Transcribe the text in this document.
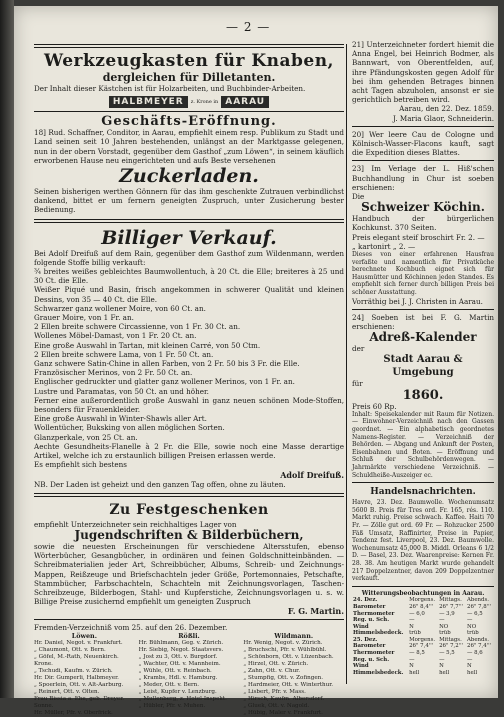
— 2 —
Werkzeugkasten für Knaben,
dergleichen für Dilletanten.
Der Inhalt dieser Kästchen ist für Holzarbeiten, und Buchbinder-Arbeiten.
HALBMEYER	z. Krone in AARAU
Geschäfts-Eröffnung.

18] Rud. Schaffner, Conditor, in Aarau, empfiehlt einem resp. Publikum zu Stadt und Land seinen seit 10 Jahren bestehenden, unlängst an der Marktgasse gelegenen, nun in der obern Vorstadt, gegenüber dem Gasthof „zum Löwen“, in seinem käuflich erworbenen Hause neu eingerichteten und aufs Beste versehenen

Zuckerladen.

Seinen bisherigen werthen Gönnern für das ihm geschenkte Zutrauen verbindlichst dankend, bittet er um fernern geneigten Zuspruch, unter Zusicherung bester Bedienung.

Billiger Verkauf.

Bei Adolf Dreifuß auf dem Rain, gegenüber dem Gasthof zum Wildenmann, werden folgende Stoffe billig verkauft:

¾ breites weißes gebleichtes Baumwollentuch, à 20 Ct. die Elle; breiteres à 25 und 30 Ct. die Elle.

Weißer Piqué und Basin, frisch angekommen in schwerer Qualität und kleinen Dessins, von 35 — 40 Ct. die Elle.

Schwarzer ganz wollener Moire, von 60 Ct. an.

Grauer Moire, von 1 Fr. an.

2 Ellen breite schwere Circassienne, von 1 Fr. 30 Ct. an.

Wollenes Möbel-Damast, von 1 Fr. 20 Ct. an.

Eine große Auswahl in Tartan, mit kleinen Carré, von 50 Ctm.

2 Ellen breite schwere Lama, von 1 Fr. 50 Ct. an.

Ganz schwere Satin-Chine in allen Farben, von 2 Fr. 50 bis 3 Fr. die Elle.

Französischer Merinos, von 2 Fr. 50 Ct. an.

Englischer gedruckter und glatter ganz wollener Merinos, von 1 Fr. an.

Lustre und Paramatas, von 50 Ct. an und höher.

Ferner eine außerordentlich große Auswahl in ganz neuen schönen Mode-Stoffen, besonders für Frauenkleider.

Eine große Auswahl in Winter-Shawls aller Art.

Wollentücher, Buksking von allen möglichen Sorten.

Glanzperkale, von 25 Ct. an.

Aechte Gesundheits-Flanelle à 2 Fr. die Elle, sowie noch eine Masse derartige Artikel, welche ich zu erstaunlich billigen Preisen erlassen werde.

Es empfiehlt sich bestens

Adolf Dreifuß.
NB. Der Laden ist geheizt und den ganzen Tag offen, ohne zu läuten.
Zu Festgeschenken
empfiehlt Unterzeichneter sein reichhaltiges Lager von
Jugendschriften & Bilderbüchern,

sowie die neuesten Erscheinungen für verschiedene Altersstufen, ebenso Wörterbücher, Gesangbücher, in ordinären und feinen Goldschnitteinbänden. — Schreibmaterialien jeder Art, Schreibbücher, Albums, Schreib- und Zeichnungs-Mappen, Reißzeuge und Briefschachteln jeder Größe, Portemonnaies, Petschafte, Stammbücher, Farbschachteln, Schachteln mit Zeichnungsvorlagen, Taschen-Schreibzeuge, Bilderbogen, Stahl- und Kupferstiche, Zeichnungsvorlagen u. s. w. Billige Preise zusichernd empfiehlt um geneigten Zuspruch

F. G. Martin.
Fremden-Verzeichniß vom 25. auf den 26. Dezember.
Löwen.
Hr. Daniel, Negot. v. Frankfurt.
„ Chaumont, Ott. v. Bern.
„ Göfel, M.-Rath, Neuenkirch.
Krone.
„ Tschudi, Kaufm. v. Zürich.
Hr. Dir. Gumperli, Halbmeyer.
„ Spoerlein, Ott. v. Alt-Aarburg.
„ Reinert, Ott. v. Olten.
Frau Bissia a. Ehe, geb. Dreyer.
Sonne.
Hr. Müller, Pfr. v. Oberfrick.
Rößli.
Hr. Bühlmann, Geg. v. Zürich.
Hr. Siebig, Negot. Staatsvers.
„ Jost zu 3, Ott. v. Burgdorf.
„ Wachter, Ott. v. Mannheim.
„ Wühle, Ott. v. Reinbach.
„ Krambs, Hdl. v. Hamburg.
„ Meder, Ott. v. Bern.
„ Leist, Kupfer v. Lenzburg.
„ Mullenberg, z. Hotel-Inspekt.
„ Hübler, Pfr. v. Muhen.
Wildmann.
Hr. Wenig, Negot. v. Zürich.
„ Bruchschi, Pfr. v. Wühlbühl.
„ Schönborn, Ott. v. Lüzenbach.
„ Hirzel, Ott. v. Zürich.
„ Zahn, Ott. v. Chur.
„ Stumpfig, Ott. v. Zofingen.
„ Hardmeier, Ott. v. Winterthur.
„ Lisbert, Pfr. v. Mass.
„ Hirsch, Kaufm. Albersdorf.
„ Gluek, Ott. v. Nagold.
„ Hübig, Maler v. Frankfurt.

21] Unterzeichneter fordert hiemit die Anna Engel, bei Heinrich Bodmer, als Bannwart, von Oberentfelden, auf, ihre Pfändungskosten gegen Adolf für bei ihm gehenden Betrages binnen acht Tagen abzuholen, ansonst er sie gerichtlich betreiben wird.

Aarau, den 22. Dez. 1859.
J. Maria Glaor, Schneiderin.

20] Wer leere Cau de Cologne und Kölnisch-Wasser-Flacons kauft, sagt die Expedition dieses Blattes.

23] Im Verlage der L. Hiß'schen Buchhandlung in Chur ist soeben erschienen:

Die
Schweizer Köchin.
Handbuch der bürgerlichen Kochkunst. 370 Seiten.
Preis elegant steif broschirt Fr. 2. —
„ kartonirt „ 2. —

Dieses von einer erfahrenen Hausfrau verfaßte und namentlich für Privatküche berechnete Kochbuch eignet sich für Hausmütter und Köchinnen jeden Standes. Es empfiehlt sich ferner durch billigen Preis bei schöner Ausstattung.

Vorräthig bei J. J. Christen in Aarau.

24] Soeben ist bei F. G. Martin erschienen:

Adreß-Kalender
der
Stadt Aarau & Umgebung
für
1860.
Preis 60 Rp.

Inhalt: Speisekalender mit Raum für Notizen. — Einwohner-Verzeichniß nach den Gassen geordnet. — Ein alphabetisch geordnetes Namens-Register. — Verzeichniß der Behörden. — Abgang und Ankunft der Posten, Eisenbahnen und Boten. — Eröffnung und Schluß der Schulbehördenwegen. — Jahrmärkte verschiedene Verzeichniß. — Schuldheiße-Auszeiger ec.

Handelsnachrichten.

Havre, 23. Dez. Baumwolle. Wochenumsatz 5600 B. Preis für Tres ord. Fr. 165, rés. 110. Markt ruhig. Preise schwach. Kaffee. Haiti 70 Fr. — Zölle gut ord. 69 Fr. — Rohzucker 2500 Fäß Umsatz, Raffinirter, Preise in Papier, Tendenz fest. Liverpool, 23. Dez. Baumwolle. Wochenumsatz 45,000 B. Middl. Orleans 6 1/2 D. — Basel, 23. Dez. Waarenpreise: Kernen Fr. 28. 38. Am heutigen Markt wurde gehandelt 217 Doppelzentner, davon 209 Doppelzentner verkauft.

Witterungsbeobachtungen in Aarau.
24. Dez.	Morgens.	Mittags.	Abends.
Barometer	26" 8,4'''	26" 7,7'''	26" 7,8'''
Thermometer	— 6,0	— 3,9	— 6,5
Reg. u. Sch.	—	—	—
Wind	N	NO	NO
Himmelsbedeck.	trüb	trüb	trüb
25. Dez.	Morgens.	Mittags.	Abends.
Barometer	26" 7,4'''	26" 7,2'''	26" 7,4'''
Thermometer	— 8,5	— 5,5	— 8,6
Reg. u. Sch.	—	—	—
Wind	N	N	N
Himmelsbedeck.	hell	hell	hell
